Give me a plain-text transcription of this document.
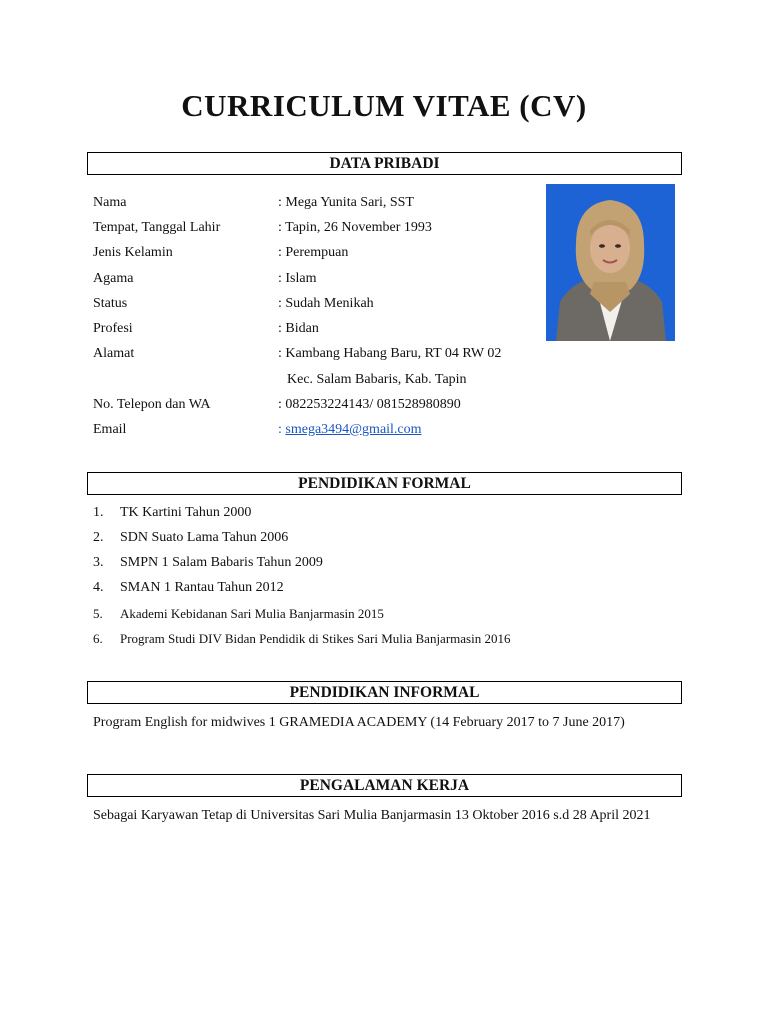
CURRICULUM VITAE (CV)
DATA PRIBADI
Nama	: Mega Yunita Sari, SST
Tempat, Tanggal Lahir	: Tapin, 26 November 1993
Jenis Kelamin	: Perempuan
Agama	: Islam
Status	: Sudah Menikah
Profesi	: Bidan
Alamat	: Kambang Habang Baru, RT 04 RW 02
Kec. Salam Babaris, Kab. Tapin
No. Telepon dan WA	: 082253224143/ 081528980890
Email	: smega3494@gmail.com
PENDIDIKAN FORMAL
1. TK Kartini Tahun 2000
2. SDN Suato Lama Tahun 2006
3. SMPN 1 Salam Babaris Tahun 2009
4. SMAN 1 Rantau Tahun 2012
5. Akademi Kebidanan Sari Mulia Banjarmasin 2015
6. Program Studi DIV Bidan Pendidik di Stikes Sari Mulia Banjarmasin 2016
PENDIDIKAN INFORMAL
Program English for midwives 1 GRAMEDIA ACADEMY (14 February 2017 to 7 June 2017)
PENGALAMAN KERJA
Sebagai Karyawan Tetap di Universitas Sari Mulia Banjarmasin 13 Oktober 2016 s.d 28 April 2021
